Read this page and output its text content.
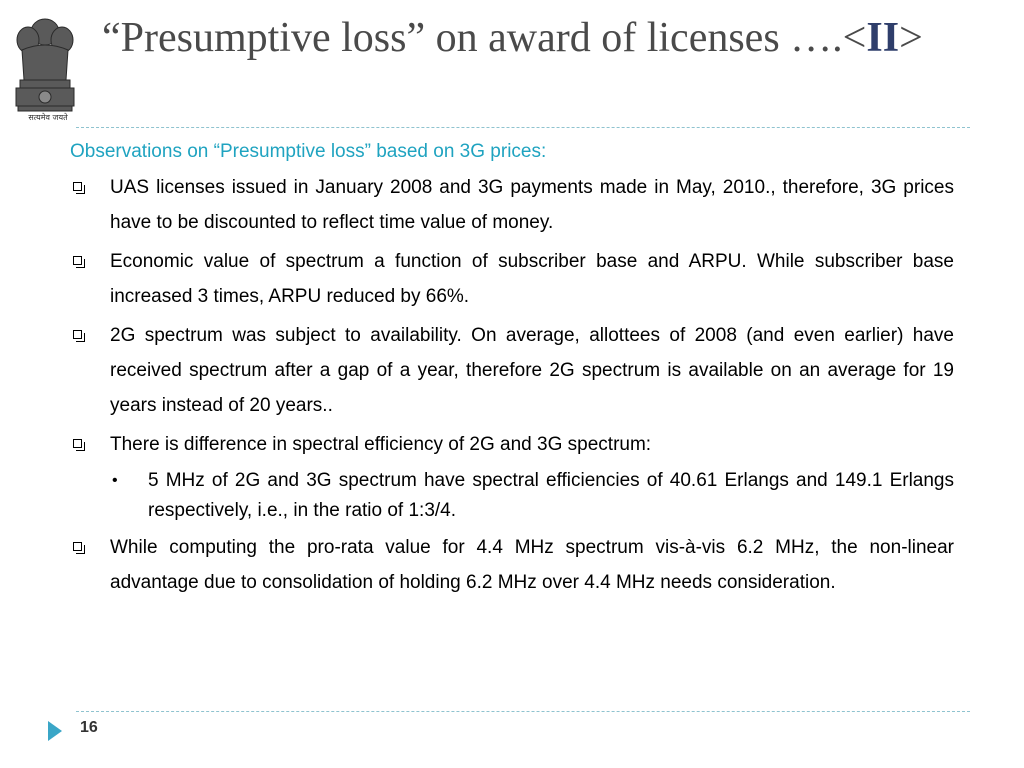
सत्यमेव जयते
“Presumptive loss” on award of licenses ….<II>

Observations on “Presumptive loss” based on 3G prices:

UAS licenses issued in January 2008 and 3G payments made in May, 2010., therefore, 3G prices have to be discounted to reflect time value of money.
Economic value of spectrum a function of subscriber base and ARPU. While subscriber base increased 3 times, ARPU reduced by 66%.
2G spectrum was subject to availability. On average, allottees of 2008 (and even earlier) have received spectrum after a gap of a year, therefore 2G spectrum is available on an average for 19 years instead of 20 years..
There is difference in spectral efficiency of 2G and 3G spectrum:
• 5 MHz of 2G and 3G spectrum have spectral efficiencies of 40.61 Erlangs and 149.1 Erlangs respectively, i.e., in the ratio of 1:3/4.
While computing the pro-rata value for 4.4 MHz spectrum vis-à-vis 6.2 MHz, the non-linear advantage due to consolidation of holding 6.2 MHz over 4.4 MHz needs consideration.
16
